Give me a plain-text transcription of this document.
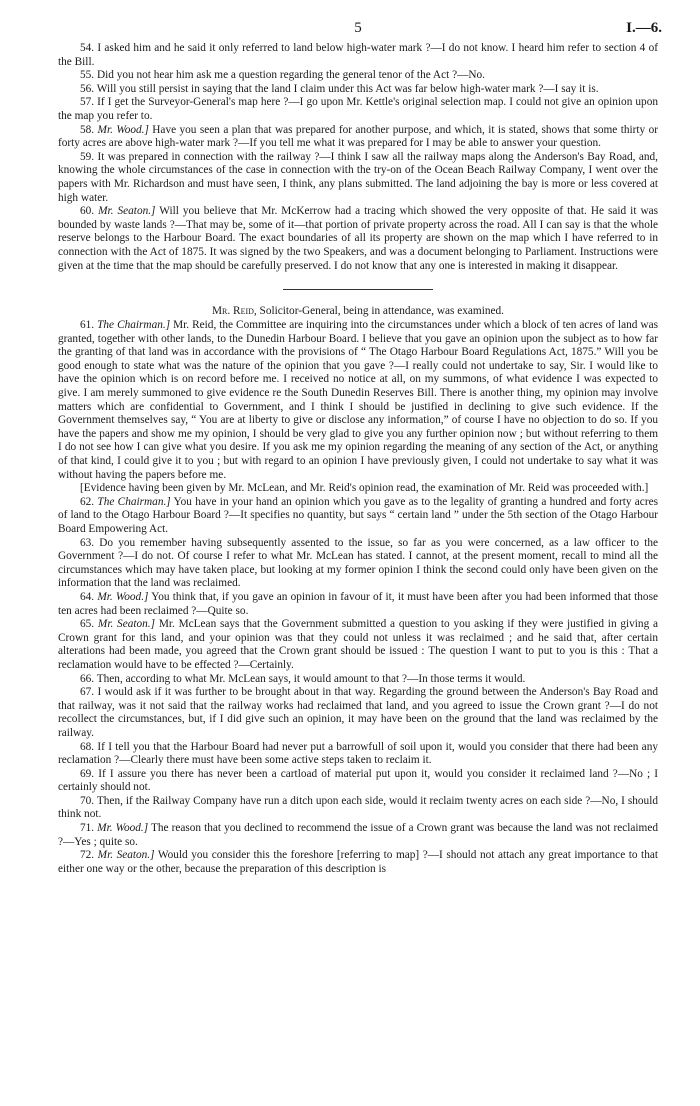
5	I.—6.

54. I asked him and he said it only referred to land below high-water mark ?—I do not know. I heard him refer to section 4 of the Bill.

55. Did you not hear him ask me a question regarding the general tenor of the Act ?—No.

56. Will you still persist in saying that the land I claim under this Act was far below high-water mark ?—I say it is.

57. If I get the Surveyor-General's map here ?—I go upon Mr. Kettle's original selection map. I could not give an opinion upon the map you refer to.

58. Mr. Wood.] Have you seen a plan that was prepared for another purpose, and which, it is stated, shows that some thirty or forty acres are above high-water mark ?—If you tell me what it was prepared for I may be able to answer your question.

59. It was prepared in connection with the railway ?—I think I saw all the railway maps along the Anderson's Bay Road, and, knowing the whole circumstances of the case in connection with the try-on of the Ocean Beach Railway Company, I went over the papers with Mr. Richardson and must have seen, I think, any plans submitted. The land adjoining the bay is more or less covered at high water.

60. Mr. Seaton.] Will you believe that Mr. McKerrow had a tracing which showed the very opposite of that. He said it was bounded by waste lands ?—That may be, some of it—that portion of private property across the road. All I can say is that the whole reserve belongs to the Harbour Board. The exact boundaries of all its property are shown on the map which I have referred to in connection with the Act of 1875. It was signed by the two Speakers, and was a document belonging to Parliament. Instructions were given at the time that the map should be carefully preserved. I do not know that any one is interested in making it disappear.

Mr. Reid, Solicitor-General, being in attendance, was examined.

61. The Chairman.] Mr. Reid, the Committee are inquiring into the circumstances under which a block of ten acres of land was granted, together with other lands, to the Dunedin Harbour Board. I believe that you gave an opinion upon the subject as to how far the granting of that land was in accordance with the provisions of “ The Otago Harbour Board Regulations Act, 1875.” Will you be good enough to state what was the nature of the opinion that you gave ?—I really could not undertake to say, Sir. I would like to have the opinion which is on record before me. I received no notice at all, on my summons, of what evidence I was expected to give. I am merely summoned to give evidence re the South Dunedin Reserves Bill. There is another thing, my opinion may involve matters which are confidential to Government, and I think I should be justified in declining to give such evidence. If the Government themselves say, “ You are at liberty to give or disclose any information,” of course I have no objection to do so. If you have the papers and show me my opinion, I should be very glad to give you any further opinion now ; but without referring to them I do not see how I can give what you desire. If you ask me my opinion regarding the meaning of any section of the Act, or anything of that kind, I could give it to you ; but with regard to an opinion I have previously given, I could not undertake to say what it was without having the papers before me.

[Evidence having been given by Mr. McLean, and Mr. Reid's opinion read, the examination of Mr. Reid was proceeded with.]

62. The Chairman.] You have in your hand an opinion which you gave as to the legality of granting a hundred and forty acres of land to the Otago Harbour Board ?—It specifies no quantity, but says “ certain land ” under the 5th section of the Otago Harbour Board Empowering Act.

63. Do you remember having subsequently assented to the issue, so far as you were concerned, as a law officer to the Government ?—I do not. Of course I refer to what Mr. McLean has stated. I cannot, at the present moment, recall to mind all the circumstances which may have taken place, but looking at my former opinion I think the second could only have been given on the information that the land was reclaimed.

64. Mr. Wood.] You think that, if you gave an opinion in favour of it, it must have been after you had been informed that those ten acres had been reclaimed ?—Quite so.

65. Mr. Seaton.] Mr. McLean says that the Government submitted a question to you asking if they were justified in giving a Crown grant for this land, and your opinion was that they could not unless it was reclaimed ; and he said that, after certain alterations had been made, you agreed that the Crown grant should be issued : The question I want to put to you is this : That a reclamation would have to be effected ?—Certainly.

66. Then, according to what Mr. McLean says, it would amount to that ?—In those terms it would.

67. I would ask if it was further to be brought about in that way. Regarding the ground between the Anderson's Bay Road and that railway, was it not said that the railway works had reclaimed that land, and you agreed to issue the Crown grant ?—I do not recollect the circumstances, but, if I did give such an opinion, it may have been on the ground that the land was reclaimed by the railway.

68. If I tell you that the Harbour Board had never put a barrowfull of soil upon it, would you consider that there had been any reclamation ?—Clearly there must have been some active steps taken to reclaim it.

69. If I assure you there has never been a cartload of material put upon it, would you consider it reclaimed land ?—No ; I certainly should not.

70. Then, if the Railway Company have run a ditch upon each side, would it reclaim twenty acres on each side ?—No, I should think not.

71. Mr. Wood.] The reason that you declined to recommend the issue of a Crown grant was because the land was not reclaimed ?—Yes ; quite so.

72. Mr. Seaton.] Would you consider this the foreshore [referring to map] ?—I should not attach any great importance to that either one way or the other, because the preparation of this description is
